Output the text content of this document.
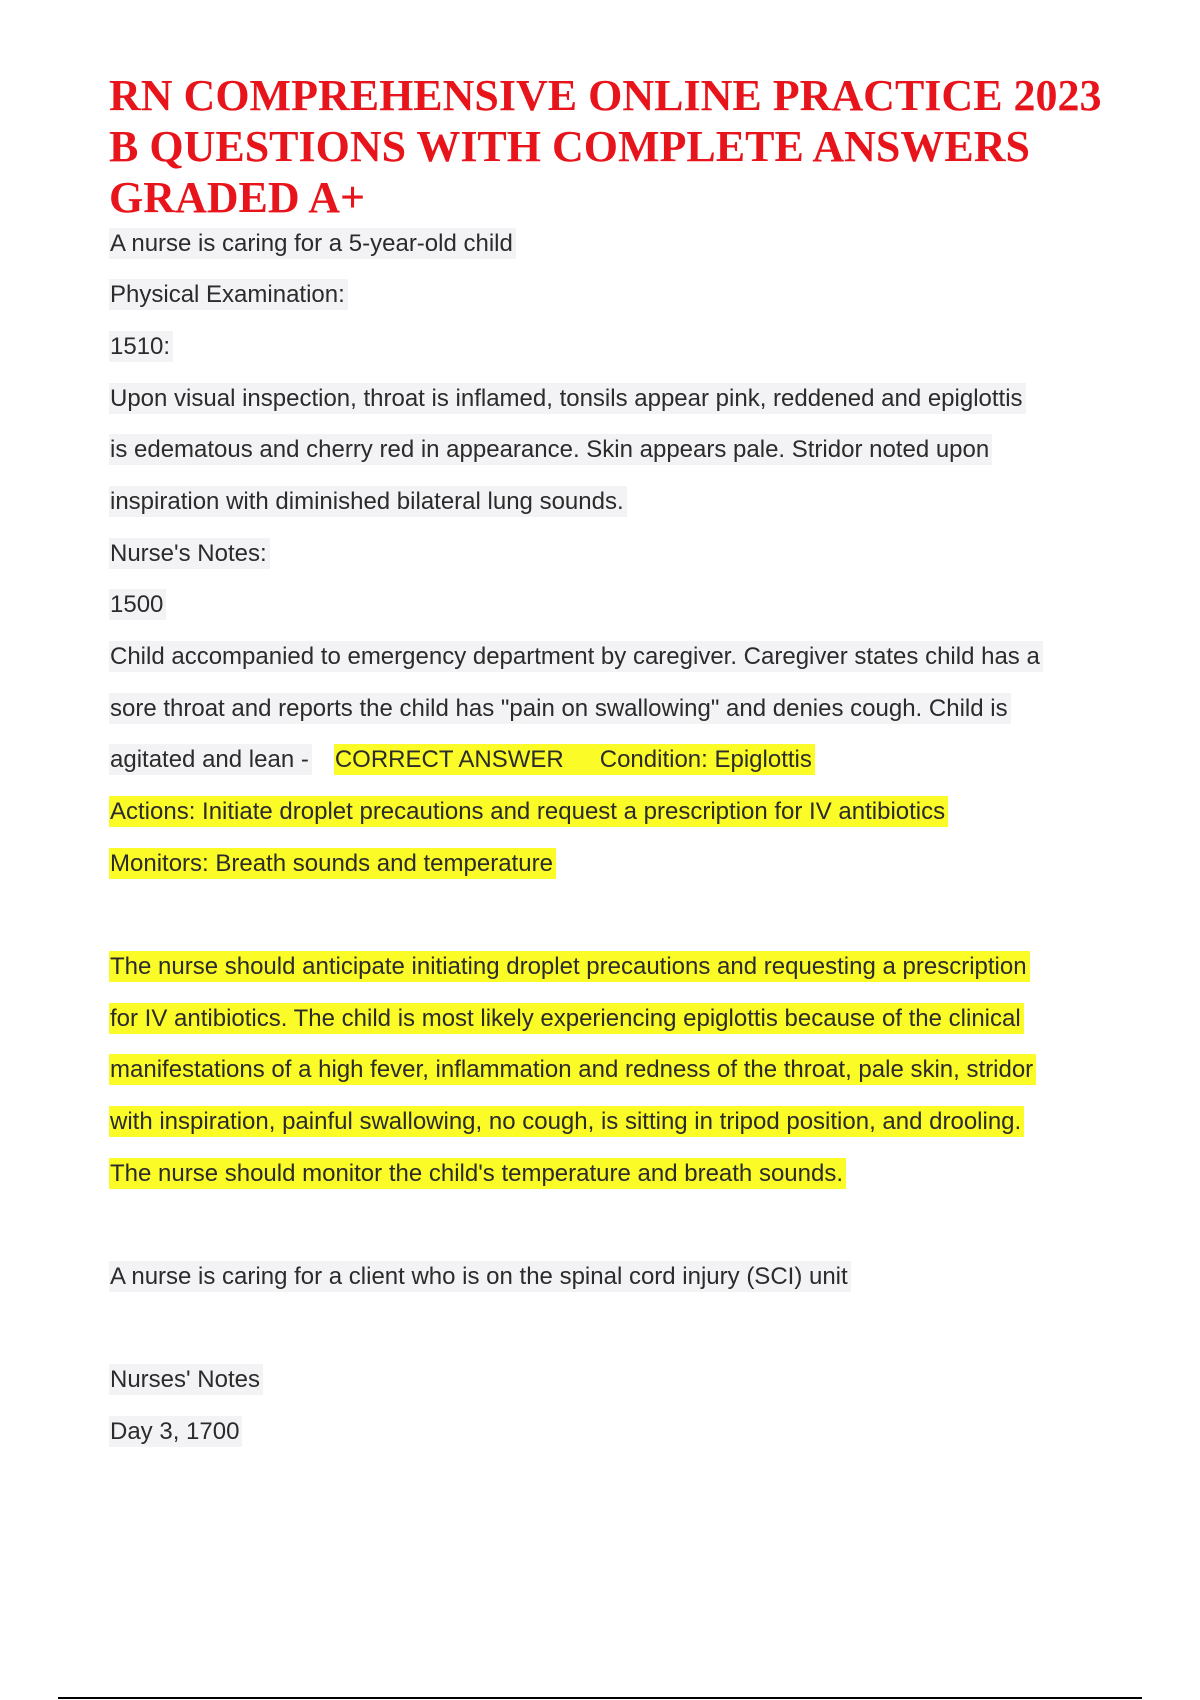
RN COMPREHENSIVE ONLINE PRACTICE 2023
B QUESTIONS WITH COMPLETE ANSWERS
GRADED A+
A nurse is caring for a 5-year-old child
Physical Examination:
1510:
Upon visual inspection, throat is inflamed, tonsils appear pink, reddened and epiglottis
is edematous and cherry red in appearance. Skin appears pale. Stridor noted upon
inspiration with diminished bilateral lung sounds.
Nurse's Notes:
1500
Child accompanied to emergency department by caregiver. Caregiver states child has a
sore throat and reports the child has "pain on swallowing" and denies cough. Child is
agitated and lean - CORRECT ANSWER Condition: Epiglottis
Actions: Initiate droplet precautions and request a prescription for IV antibiotics
Monitors: Breath sounds and temperature
The nurse should anticipate initiating droplet precautions and requesting a prescription
for IV antibiotics. The child is most likely experiencing epiglottis because of the clinical
manifestations of a high fever, inflammation and redness of the throat, pale skin, stridor
with inspiration, painful swallowing, no cough, is sitting in tripod position, and drooling.
The nurse should monitor the child's temperature and breath sounds.
A nurse is caring for a client who is on the spinal cord injury (SCI) unit
Nurses' Notes
Day 3, 1700
